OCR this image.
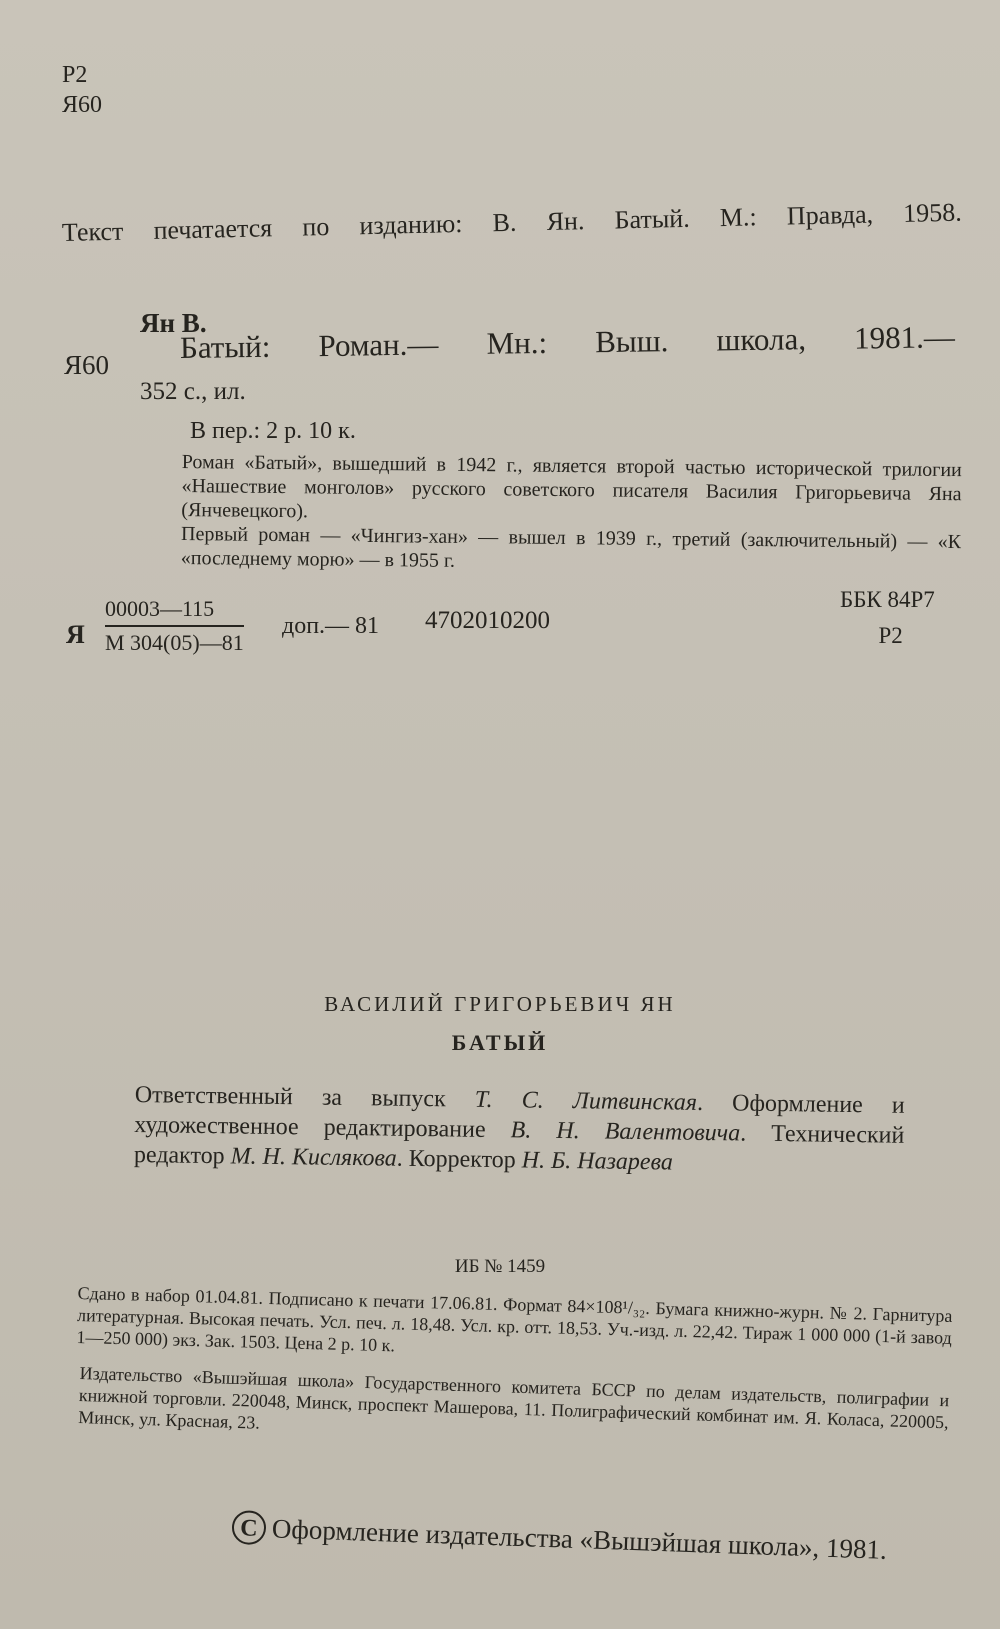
Р2
Я60
Текст печатается по изданию: В. Ян. Батый. М.: Правда, 1958.
Ян В.
Я60
Батый: Роман.— Мн.: Выш. школа, 1981.—
352 с., ил.
В пер.: 2 р. 10 к.

Роман «Батый», вышедший в 1942 г., является второй частью исторической трилогии «Нашествие монголов» русского советского писателя Василия Григорьевича Яна (Янчевецкого).

Первый роман — «Чингиз-хан» — вышел в 1939 г., третий (заключительный) — «К «последнему морю» — в 1955 г.

Я
00003—115
М 304(05)—81
доп.— 81 4702010200
ББК 84Р7
Р2
ВАСИЛИЙ ГРИГОРЬЕВИЧ ЯН
БАТЫЙ
Ответственный за выпуск Т. С. Литвинская. Оформление и художественное редактирование В. Н. Валентовича. Технический редактор М. Н. Кислякова. Корректор Н. Б. Назарева
ИБ № 1459

Сдано в набор 01.04.81. Подписано к печати 17.06.81. Формат 84×108¹/₃₂. Бумага книжно-журн. № 2. Гарнитура литературная. Высокая печать. Усл. печ. л. 18,48. Усл. кр. отт. 18,53. Уч.-изд. л. 22,42. Тираж 1 000 000 (1-й завод 1—250 000) экз. Зак. 1503. Цена 2 р. 10 к.

Издательство «Вышэйшая школа» Государственного комитета БССР по делам издательств, полиграфии и книжной торговли. 220048, Минск, проспект Машерова, 11. Полиграфический комбинат им. Я. Коласа, 220005, Минск, ул. Красная, 23.

C Оформление издательства «Вышэйшая школа», 1981.
